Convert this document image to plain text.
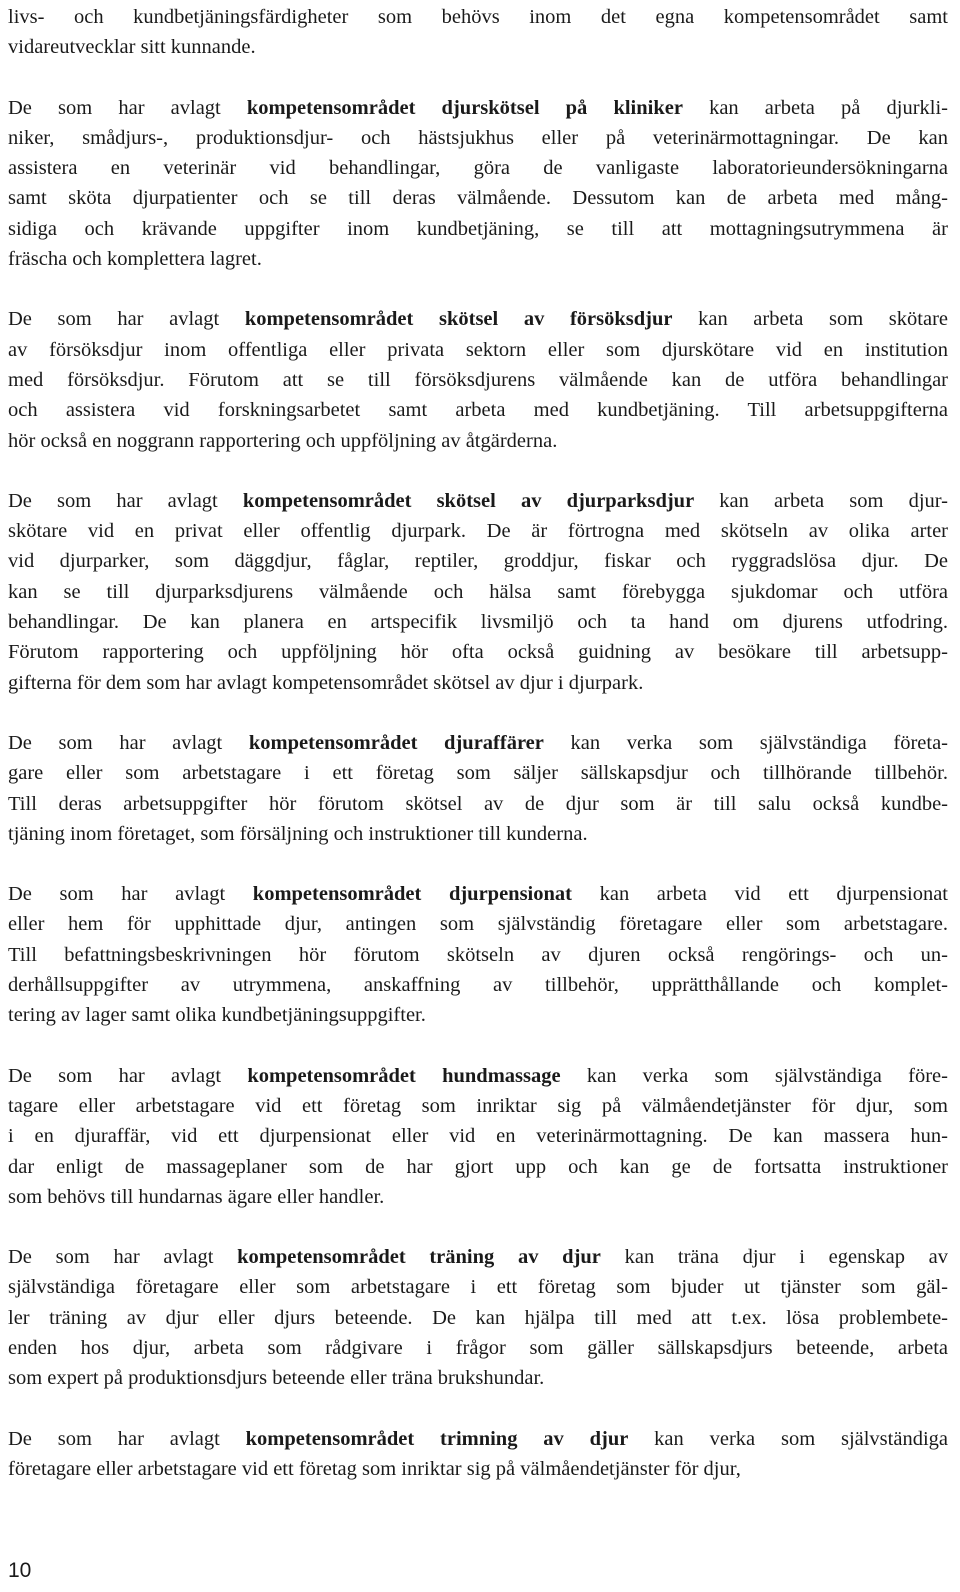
livs- och kundbetjäningsfärdigheter som behövs inom det egna kompetensområdet samt
vidareutvecklar sitt kunnande.

De som har avlagt kompetensområdet djurskötsel på kliniker kan arbeta på djurkli-
niker, smådjurs-, produktionsdjur- och hästsjukhus eller på veterinärmottagningar. De kan
assistera en veterinär vid behandlingar, göra de vanligaste laboratorieundersökningarna
samt sköta djurpatienter och se till deras välmående. Dessutom kan de arbeta med mång-
sidiga och krävande uppgifter inom kundbetjäning, se till att mottagningsutrymmena är
fräscha och komplettera lagret.

De som har avlagt kompetensområdet skötsel av försöksdjur kan arbeta som skötare
av försöksdjur inom offentliga eller privata sektorn eller som djurskötare vid en institution
med försöksdjur. Förutom att se till försöksdjurens välmående kan de utföra behandlingar
och assistera vid forskningsarbetet samt arbeta med kundbetjäning. Till arbetsuppgifterna
hör också en noggrann rapportering och uppföljning av åtgärderna.

De som har avlagt kompetensområdet skötsel av djurparksdjur kan arbeta som djur-
skötare vid en privat eller offentlig djurpark. De är förtrogna med skötseln av olika arter
vid djurparker, som däggdjur, fåglar, reptiler, groddjur, fiskar och ryggradslösa djur. De
kan se till djurparksdjurens välmående och hälsa samt förebygga sjukdomar och utföra
behandlingar. De kan planera en artspecifik livsmiljö och ta hand om djurens utfodring.
Förutom rapportering och uppföljning hör ofta också guidning av besökare till arbetsupp-
gifterna för dem som har avlagt kompetensområdet skötsel av djur i djurpark.

De som har avlagt kompetensområdet djuraffärer kan verka som självständiga företa-
gare eller som arbetstagare i ett företag som säljer sällskapsdjur och tillhörande tillbehör.
Till deras arbetsuppgifter hör förutom skötsel av de djur som är till salu också kundbe-
tjäning inom företaget, som försäljning och instruktioner till kunderna.

De som har avlagt kompetensområdet djurpensionat kan arbeta vid ett djurpensionat
eller hem för upphittade djur, antingen som självständig företagare eller som arbetstagare.
Till befattningsbeskrivningen hör förutom skötseln av djuren också rengörings- och un-
derhållsuppgifter av utrymmena, anskaffning av tillbehör, upprätthållande och komplet-
tering av lager samt olika kundbetjäningsuppgifter.

De som har avlagt kompetensområdet hundmassage kan verka som självständiga före-
tagare eller arbetstagare vid ett företag som inriktar sig på välmåendetjänster för djur, som
i en djuraffär, vid ett djurpensionat eller vid en veterinärmottagning. De kan massera hun-
dar enligt de massageplaner som de har gjort upp och kan ge de fortsatta instruktioner
som behövs till hundarnas ägare eller handler.

De som har avlagt kompetensområdet träning av djur kan träna djur i egenskap av
självständiga företagare eller som arbetstagare i ett företag som bjuder ut tjänster som gäl-
ler träning av djur eller djurs beteende. De kan hjälpa till med att t.ex. lösa problembete-
enden hos djur, arbeta som rådgivare i frågor som gäller sällskapsdjurs beteende, arbeta
som expert på produktionsdjurs beteende eller träna brukshundar.

De som har avlagt kompetensområdet trimning av djur kan verka som självständiga
företagare eller arbetstagare vid ett företag som inriktar sig på välmåendetjänster för djur,

10
